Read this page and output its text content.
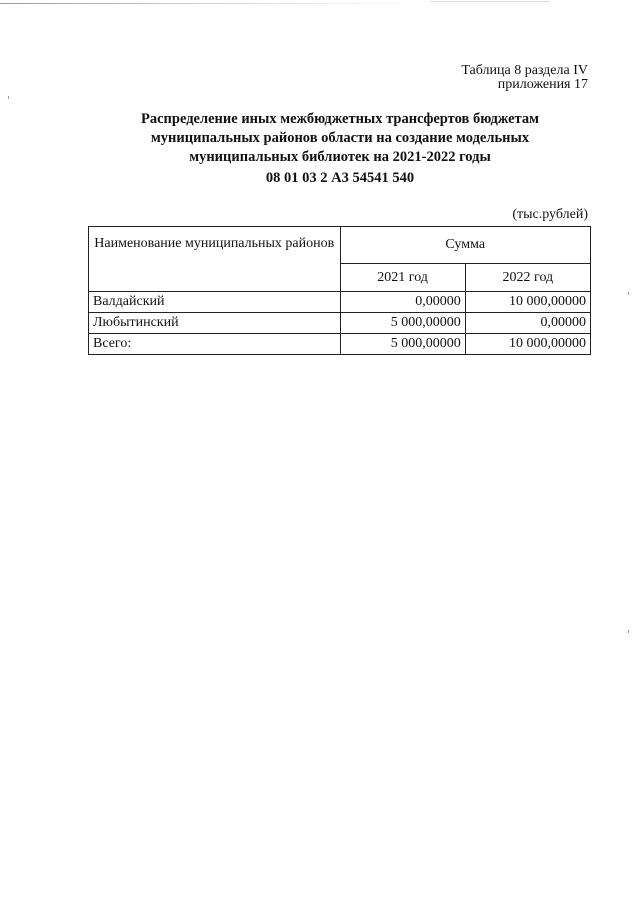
Таблица 8 раздела IV
приложения 17
Распределение иных межбюджетных трансфертов бюджетам
муниципальных районов области на создание модельных
муниципальных библиотек на 2021-2022 годы
08 01 03 2 А3 54541 540
(тыс.рублей)
Наименование муниципальных районов	Сумма	
	2021 год	2022 год
Валдайский	0,00000	10 000,00000
Любытинский	5 000,00000	0,00000
Всего:	5 000,00000	10 000,00000
